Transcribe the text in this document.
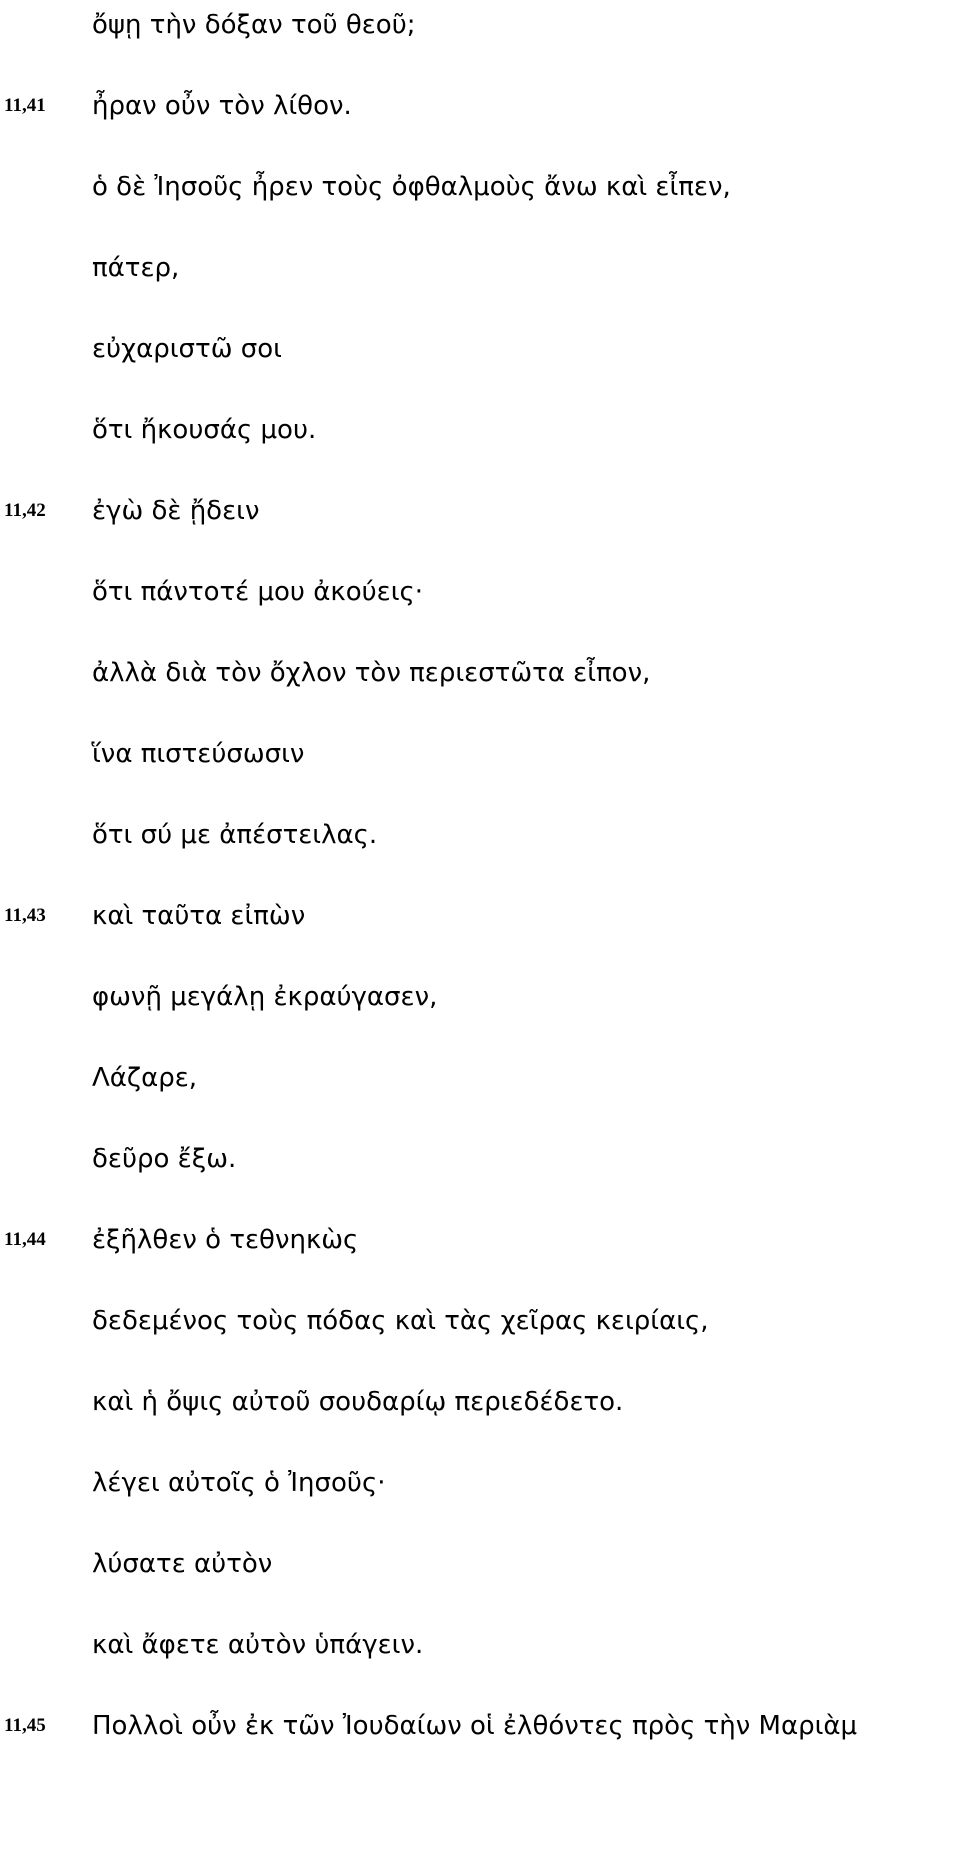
ὄψῃ τὴν δόξαν τοῦ θεοῦ;
11,41 ἦραν οὖν τὸν λίθον.
ὁ δὲ Ἰησοῦς ἦρεν τοὺς ὀφθαλμοὺς ἄνω καὶ εἶπεν,
πάτερ,
εὐχαριστῶ σοι
ὅτι ἤκουσάς μου.
11,42 ἐγὼ δὲ ᾔδειν
ὅτι πάντοτέ μου ἀκούεις·
ἀλλὰ διὰ τὸν ὄχλον τὸν περιεστῶτα εἶπον,
ἵνα πιστεύσωσιν
ὅτι σύ με ἀπέστειλας.
11,43 καὶ ταῦτα εἰπὼν
φωνῇ μεγάλῃ ἐκραύγασεν,
Λάζαρε,
δεῦρο ἔξω.
11,44 ἐξῆλθεν ὁ τεθνηκὼς
δεδεμένος τοὺς πόδας καὶ τὰς χεῖρας κειρίαις,
καὶ ἡ ὄψις αὐτοῦ σουδαρίῳ περιεδέδετο.
λέγει αὐτοῖς ὁ Ἰησοῦς·
λύσατε αὐτὸν
καὶ ἄφετε αὐτὸν ὑπάγειν.
11,45 Πολλοὶ οὖν ἐκ τῶν Ἰουδαίων οἱ ἐλθόντες πρὸς τὴν Μαριὰμ
